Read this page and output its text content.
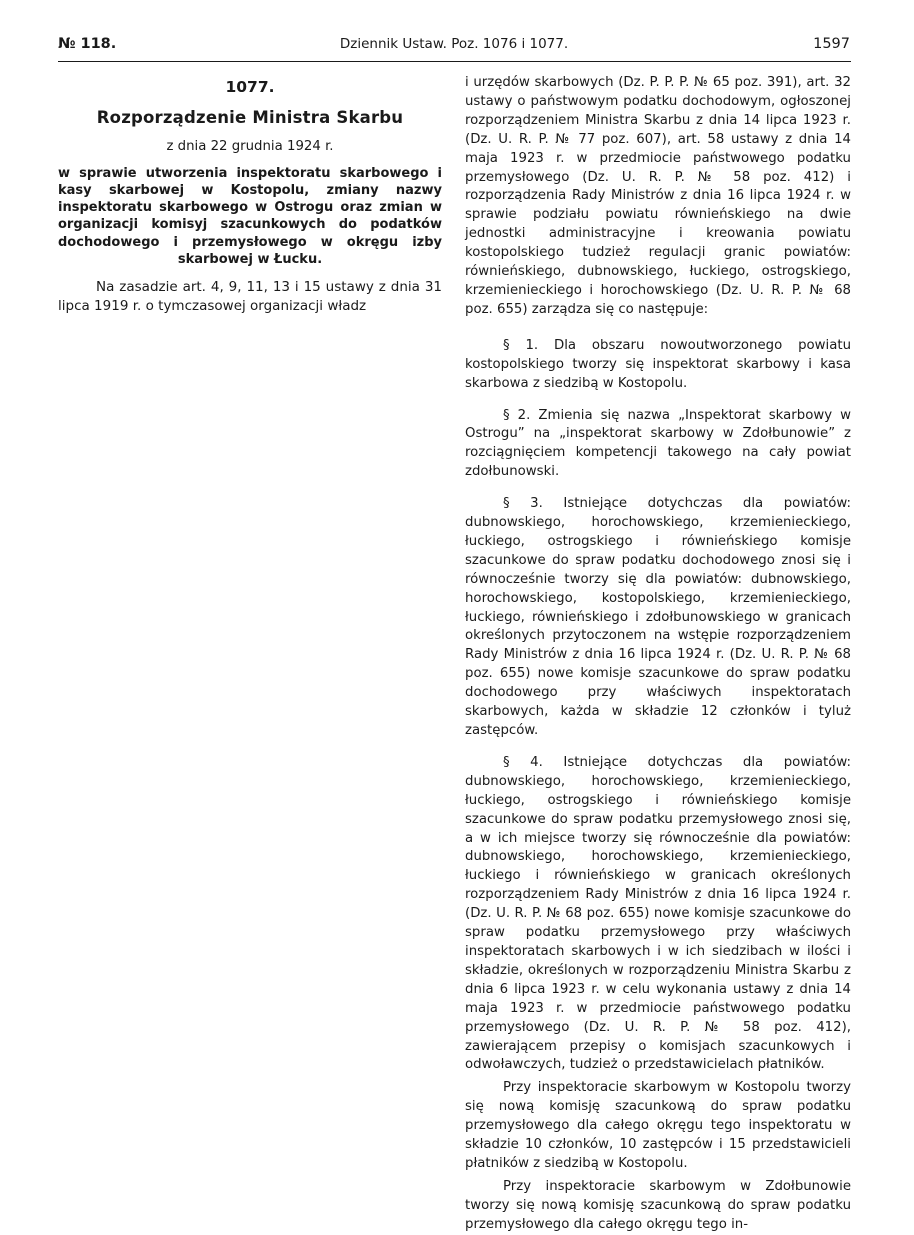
№ 118.	Dziennik Ustaw. Poz. 1076 i 1077.	1597

1077.

Rozporządzenie Ministra Skarbu

z dnia 22 grudnia 1924 r.

w sprawie utworzenia inspektoratu skarbowego i kasy skarbowej w Kostopolu, zmiany nazwy inspektoratu skarbowego w Ostrogu oraz zmian w organizacji komisyj szacunkowych do podatków dochodowego i przemysłowego w okręgu izby skarbowej w Łucku.

Na zasadzie art. 4, 9, 11, 13 i 15 ustawy z dnia 31 lipca 1919 r. o tymczasowej organizacji władz

i urzędów skarbowych (Dz. P. P. P. № 65 poz. 391), art. 32 ustawy o państwowym podatku dochodowym, ogłoszonej rozporządzeniem Ministra Skarbu z dnia 14 lipca 1923 r. (Dz. U. R. P. № 77 poz. 607), art. 58 ustawy z dnia 14 maja 1923 r. w przedmiocie państwowego podatku przemysłowego (Dz. U. R. P. № 58 poz. 412) i rozporządzenia Rady Ministrów z dnia 16 lipca 1924 r. w sprawie podziału powiatu równieńskiego na dwie jednostki administracyjne i kreowania powiatu kostopolskiego tudzież regulacji granic powiatów: równieńskiego, dubnowskiego, łuckiego, ostrogskiego, krzemienieckiego i horochowskiego (Dz. U. R. P. № 68 poz. 655) zarządza się co następuje:

§ 1. Dla obszaru nowoutworzonego powiatu kostopolskiego tworzy się inspektorat skarbowy i kasa skarbowa z siedzibą w Kostopolu.

§ 2. Zmienia się nazwa „Inspektorat skarbowy w Ostrogu” na „inspektorat skarbowy w Zdołbunowie” z rozciągnięciem kompetencji takowego na cały powiat zdołbunowski.

§ 3. Istniejące dotychczas dla powiatów: dubnowskiego, horochowskiego, krzemienieckiego, łuckiego, ostrogskiego i równieńskiego komisje szacunkowe do spraw podatku dochodowego znosi się i równocześnie tworzy się dla powiatów: dubnowskiego, horochowskiego, kostopolskiego, krzemienieckiego, łuckiego, równieńskiego i zdołbunowskiego w granicach określonych przytoczonem na wstępie rozporządzeniem Rady Ministrów z dnia 16 lipca 1924 r. (Dz. U. R. P. № 68 poz. 655) nowe komisje szacunkowe do spraw podatku dochodowego przy właściwych inspektoratach skarbowych, każda w składzie 12 członków i tyluż zastępców.

§ 4. Istniejące dotychczas dla powiatów: dubnowskiego, horochowskiego, krzemienieckiego, łuckiego, ostrogskiego i równieńskiego komisje szacunkowe do spraw podatku przemysłowego znosi się, a w ich miejsce tworzy się równocześnie dla powiatów: dubnowskiego, horochowskiego, krzemienieckiego, łuckiego i równieńskiego w granicach określonych rozporządzeniem Rady Ministrów z dnia 16 lipca 1924 r. (Dz. U. R. P. № 68 poz. 655) nowe komisje szacunkowe do spraw podatku przemysłowego przy właściwych inspektoratach skarbowych i w ich siedzibach w ilości i składzie, określonych w rozporządzeniu Ministra Skarbu z dnia 6 lipca 1923 r. w celu wykonania ustawy z dnia 14 maja 1923 r. w przedmiocie państwowego podatku przemysłowego (Dz. U. R. P. № 58 poz. 412), zawierającem przepisy o komisjach szacunkowych i odwoławczych, tudzież o przedstawicielach płatników.

Przy inspektoracie skarbowym w Kostopolu tworzy się nową komisję szacunkową do spraw podatku przemysłowego dla całego okręgu tego inspektoratu w składzie 10 członków, 10 zastępców i 15 przedstawicieli płatników z siedzibą w Kostopolu.

Przy inspektoracie skarbowym w Zdołbunowie tworzy się nową komisję szacunkową do spraw podatku przemysłowego dla całego okręgu tego in-
